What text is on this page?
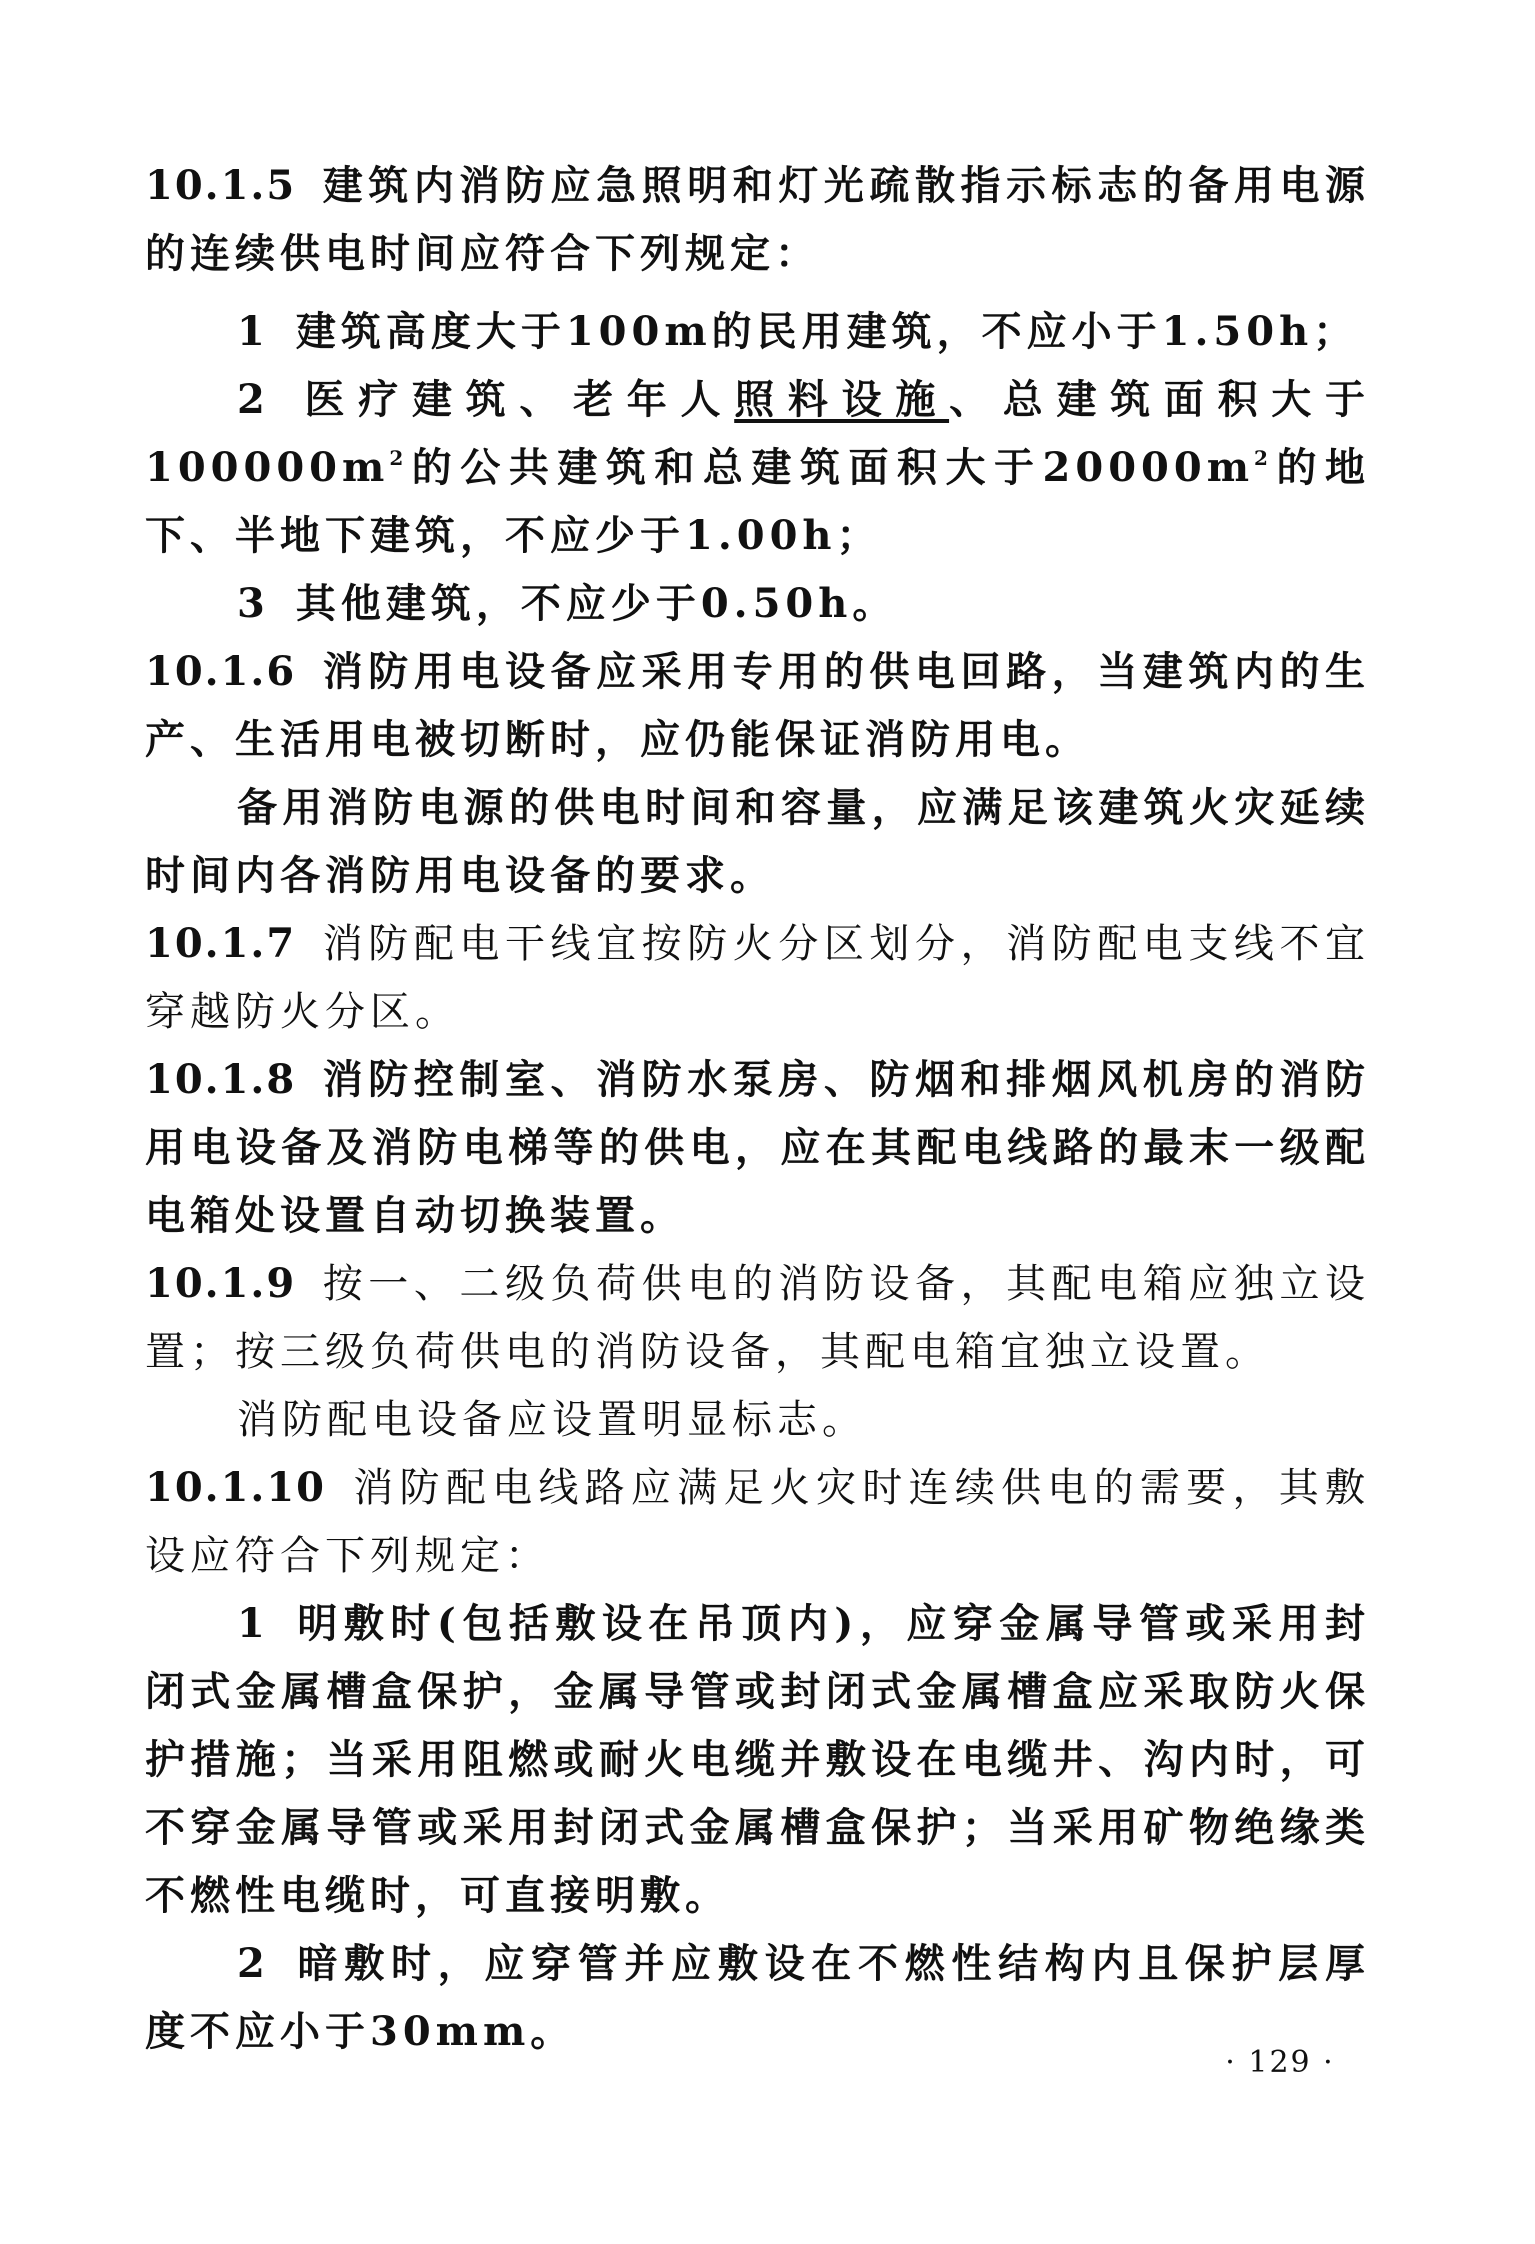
10.1.5 建筑内消防应急照明和灯光疏散指示标志的备用电源的连续供电时间应符合下列规定：
1 建筑高度大于100m的民用建筑，不应小于1.50h；
2 医疗建筑、老年人照料设施、总建筑面积大于$100000m^2$的公共建筑和总建筑面积大于$20000m^2$的地下、半地下建筑，不应少于1.00h；
3 其他建筑，不应少于0.50h。
10.1.6 消防用电设备应采用专用的供电回路，当建筑内的生产、生活用电被切断时，应仍能保证消防用电。
备用消防电源的供电时间和容量，应满足该建筑火灾延续时间内各消防用电设备的要求。
10.1.7 消防配电干线宜按防火分区划分，消防配电支线不宜穿越防火分区。
10.1.8 消防控制室、消防水泵房、防烟和排烟风机房的消防用电设备及消防电梯等的供电，应在其配电线路的最末一级配电箱处设置自动切换装置。
10.1.9 按一、二级负荷供电的消防设备，其配电箱应独立设置；按三级负荷供电的消防设备，其配电箱宜独立设置。
消防配电设备应设置明显标志。
10.1.10 消防配电线路应满足火灾时连续供电的需要，其敷设应符合下列规定：
1 明敷时(包括敷设在吊顶内)，应穿金属导管或采用封闭式金属槽盒保护，金属导管或封闭式金属槽盒应采取防火保护措施；当采用阻燃或耐火电缆并敷设在电缆井、沟内时，可不穿金属导管或采用封闭式金属槽盒保护；当采用矿物绝缘类不燃性电缆时，可直接明敷。
2 暗敷时，应穿管并应敷设在不燃性结构内且保护层厚度不应小于30mm。
· 129 ·
